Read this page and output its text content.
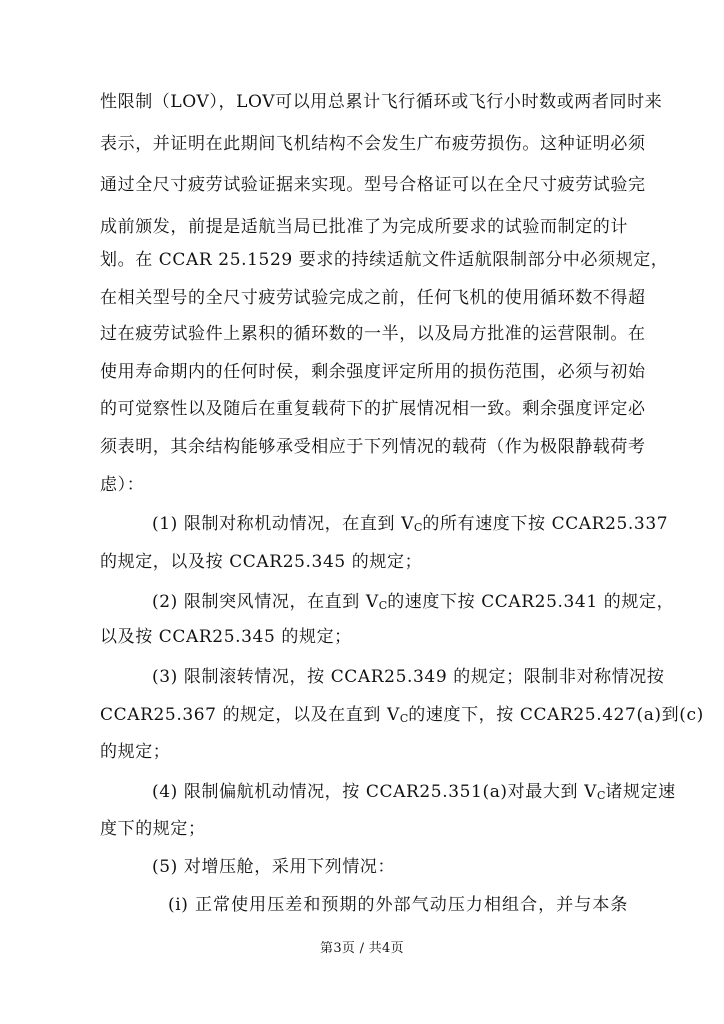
性限制（LOV），LOV可以用总累计飞行循环或飞行小时数或两者同时来
表示，并证明在此期间飞机结构不会发生广布疲劳损伤。这种证明必须
通过全尺寸疲劳试验证据来实现。型号合格证可以在全尺寸疲劳试验完
成前颁发，前提是适航当局已批准了为完成所要求的试验而制定的计
划。在 CCAR 25.1529 要求的持续适航文件适航限制部分中必须规定，
在相关型号的全尺寸疲劳试验完成之前，任何飞机的使用循环数不得超
过在疲劳试验件上累积的循环数的一半，以及局方批准的运营限制。在
使用寿命期内的任何时侯，剩余强度评定所用的损伤范围，必须与初始
的可觉察性以及随后在重复载荷下的扩展情况相一致。剩余强度评定必
须表明，其余结构能够承受相应于下列情况的载荷（作为极限静载荷考
虑）：
(1) 限制对称机动情况，在直到 VC的所有速度下按 CCAR25.337
的规定，以及按 CCAR25.345 的规定；
(2) 限制突风情况，在直到 VC的速度下按 CCAR25.341 的规定，
以及按 CCAR25.345 的规定；
(3) 限制滚转情况，按 CCAR25.349 的规定；限制非对称情况按
CCAR25.367 的规定，以及在直到 VC的速度下，按 CCAR25.427(a)到(c)
的规定；
(4) 限制偏航机动情况，按 CCAR25.351(a)对最大到 VC诸规定速
度下的规定；
(5) 对增压舱，采用下列情况：
(i) 正常使用压差和预期的外部气动压力相组合，并与本条
第3页 / 共4页
